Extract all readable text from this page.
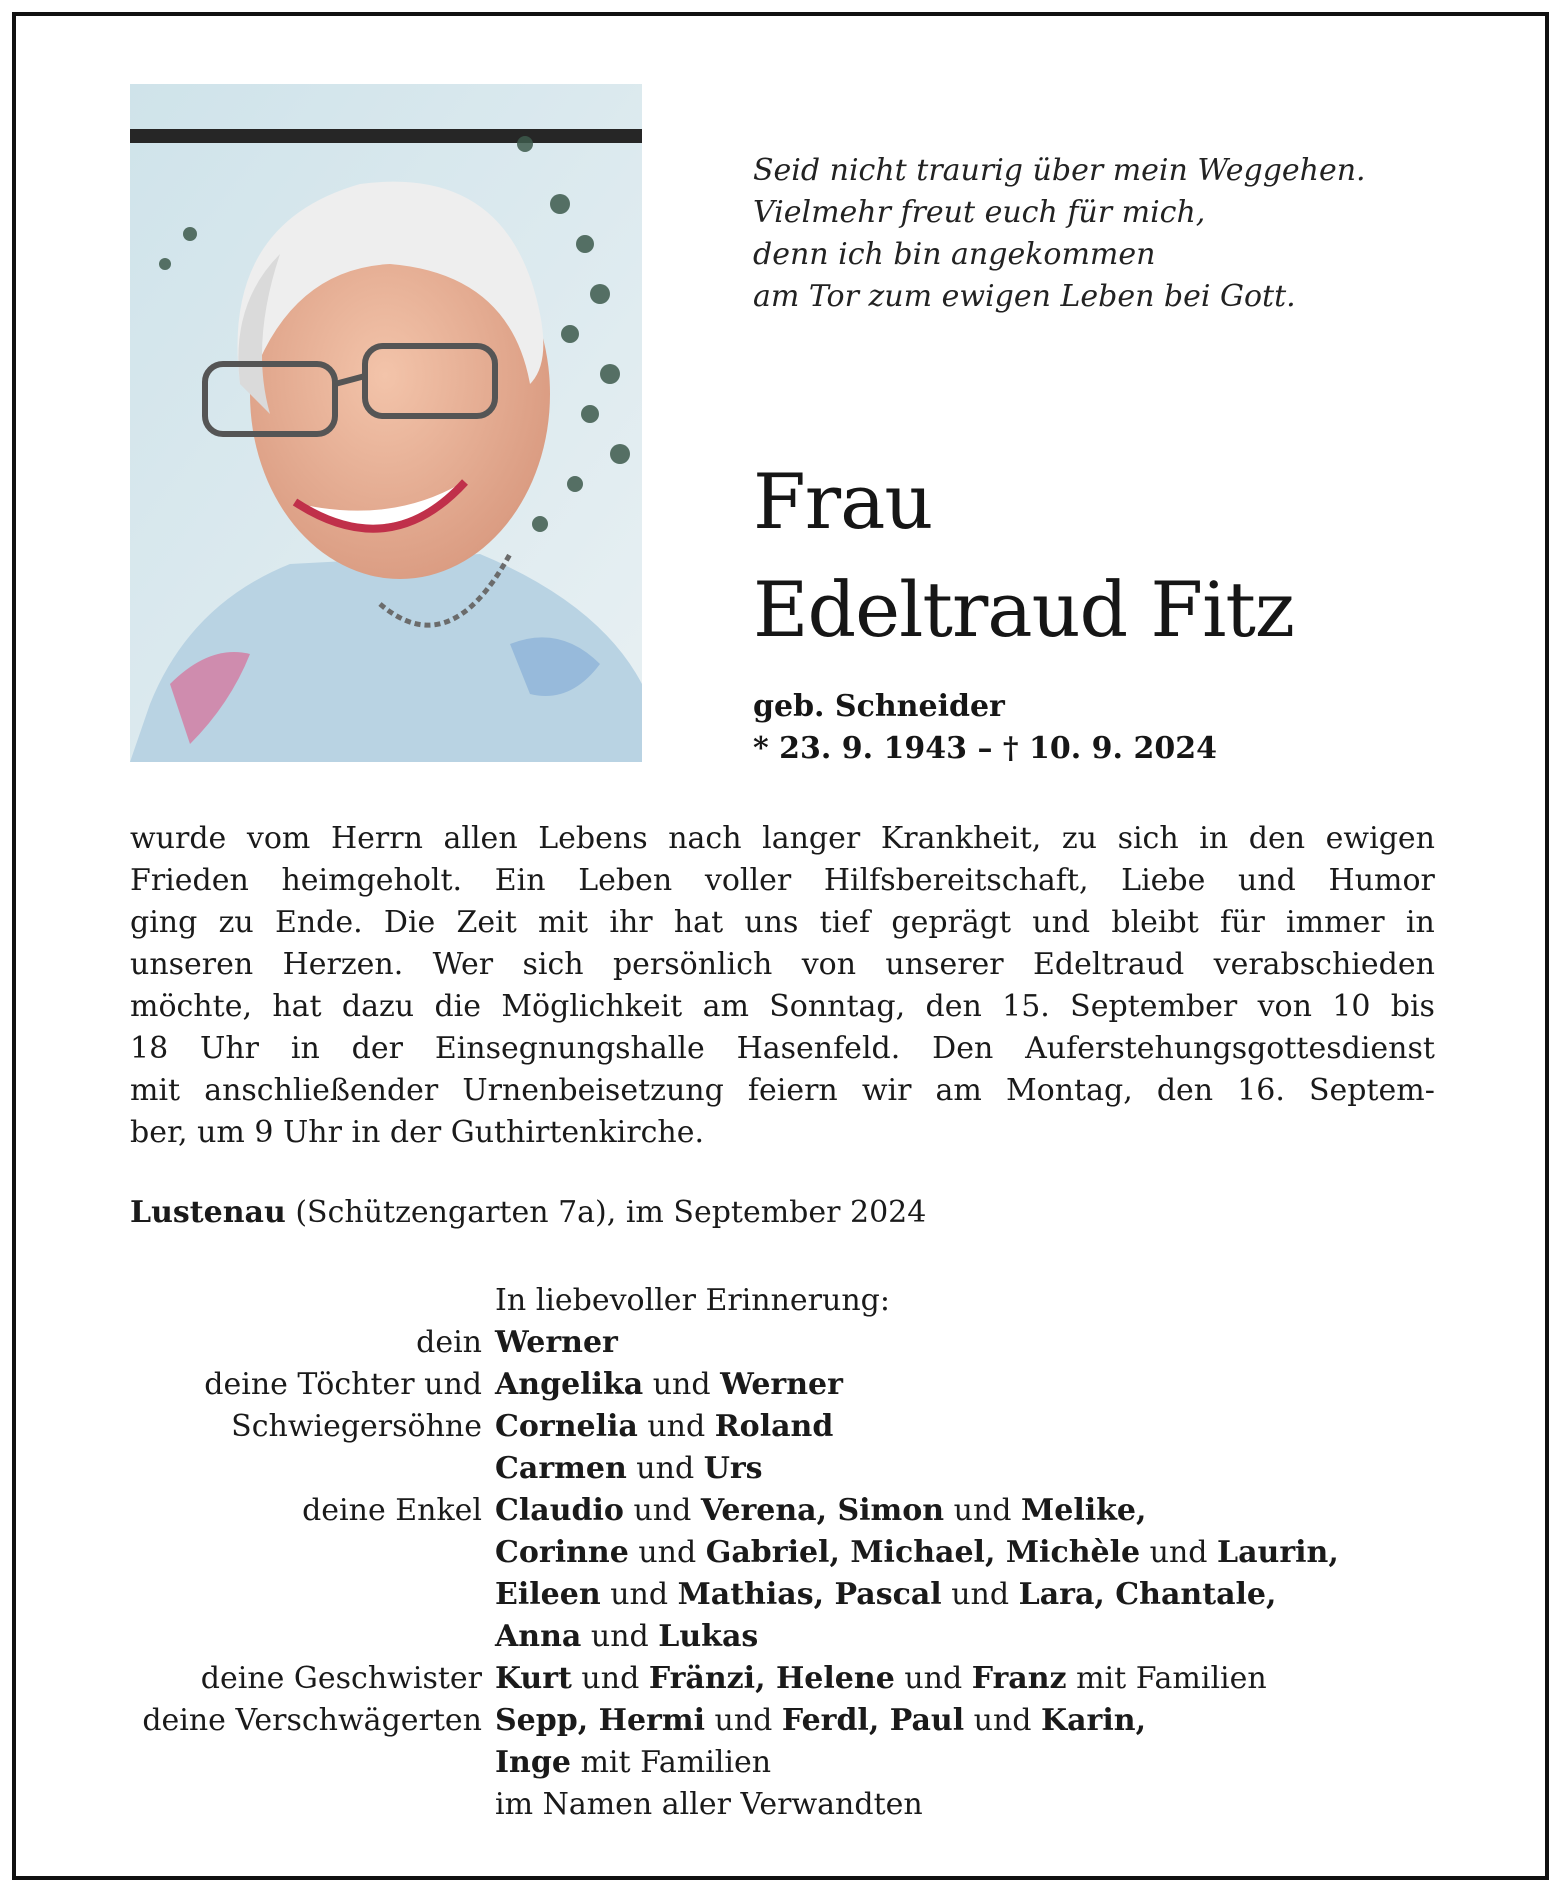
Seid nicht traurig über mein Weggehen.
Vielmehr freut euch für mich,
denn ich bin angekommen
am Tor zum ewigen Leben bei Gott.
Frau
Edeltraud Fitz
geb. Schneider
* 23. 9. 1943 – † 10. 9. 2024
wurde vom Herrn allen Lebens nach langer Krankheit, zu sich in den ewigen
Frieden heimgeholt. Ein Leben voller Hilfsbereitschaft, Liebe und Humor
ging zu Ende. Die Zeit mit ihr hat uns tief geprägt und bleibt für immer in
unseren Herzen. Wer sich persönlich von unserer Edeltraud verabschieden
möchte, hat dazu die Möglichkeit am Sonntag, den 15. September von 10 bis
18 Uhr in der Einsegnungshalle Hasenfeld. Den Auferstehungsgottesdienst
mit anschließender Urnenbeisetzung feiern wir am Montag, den 16. Septem-
ber, um 9 Uhr in der Guthirtenkirche.
Lustenau (Schützengarten 7a), im September 2024
In liebevoller Erinnerung:
dein Werner
deine Töchter und Angelika und Werner
Schwiegersöhne Cornelia und Roland
Carmen und Urs
deine Enkel Claudio und Verena, Simon und Melike,
Corinne und Gabriel, Michael, Michèle und Laurin,
Eileen und Mathias, Pascal und Lara, Chantale,
Anna und Lukas
deine Geschwister Kurt und Fränzi, Helene und Franz mit Familien
deine Verschwägerten Sepp, Hermi und Ferdl, Paul und Karin,
Inge mit Familien
im Namen aller Verwandten
